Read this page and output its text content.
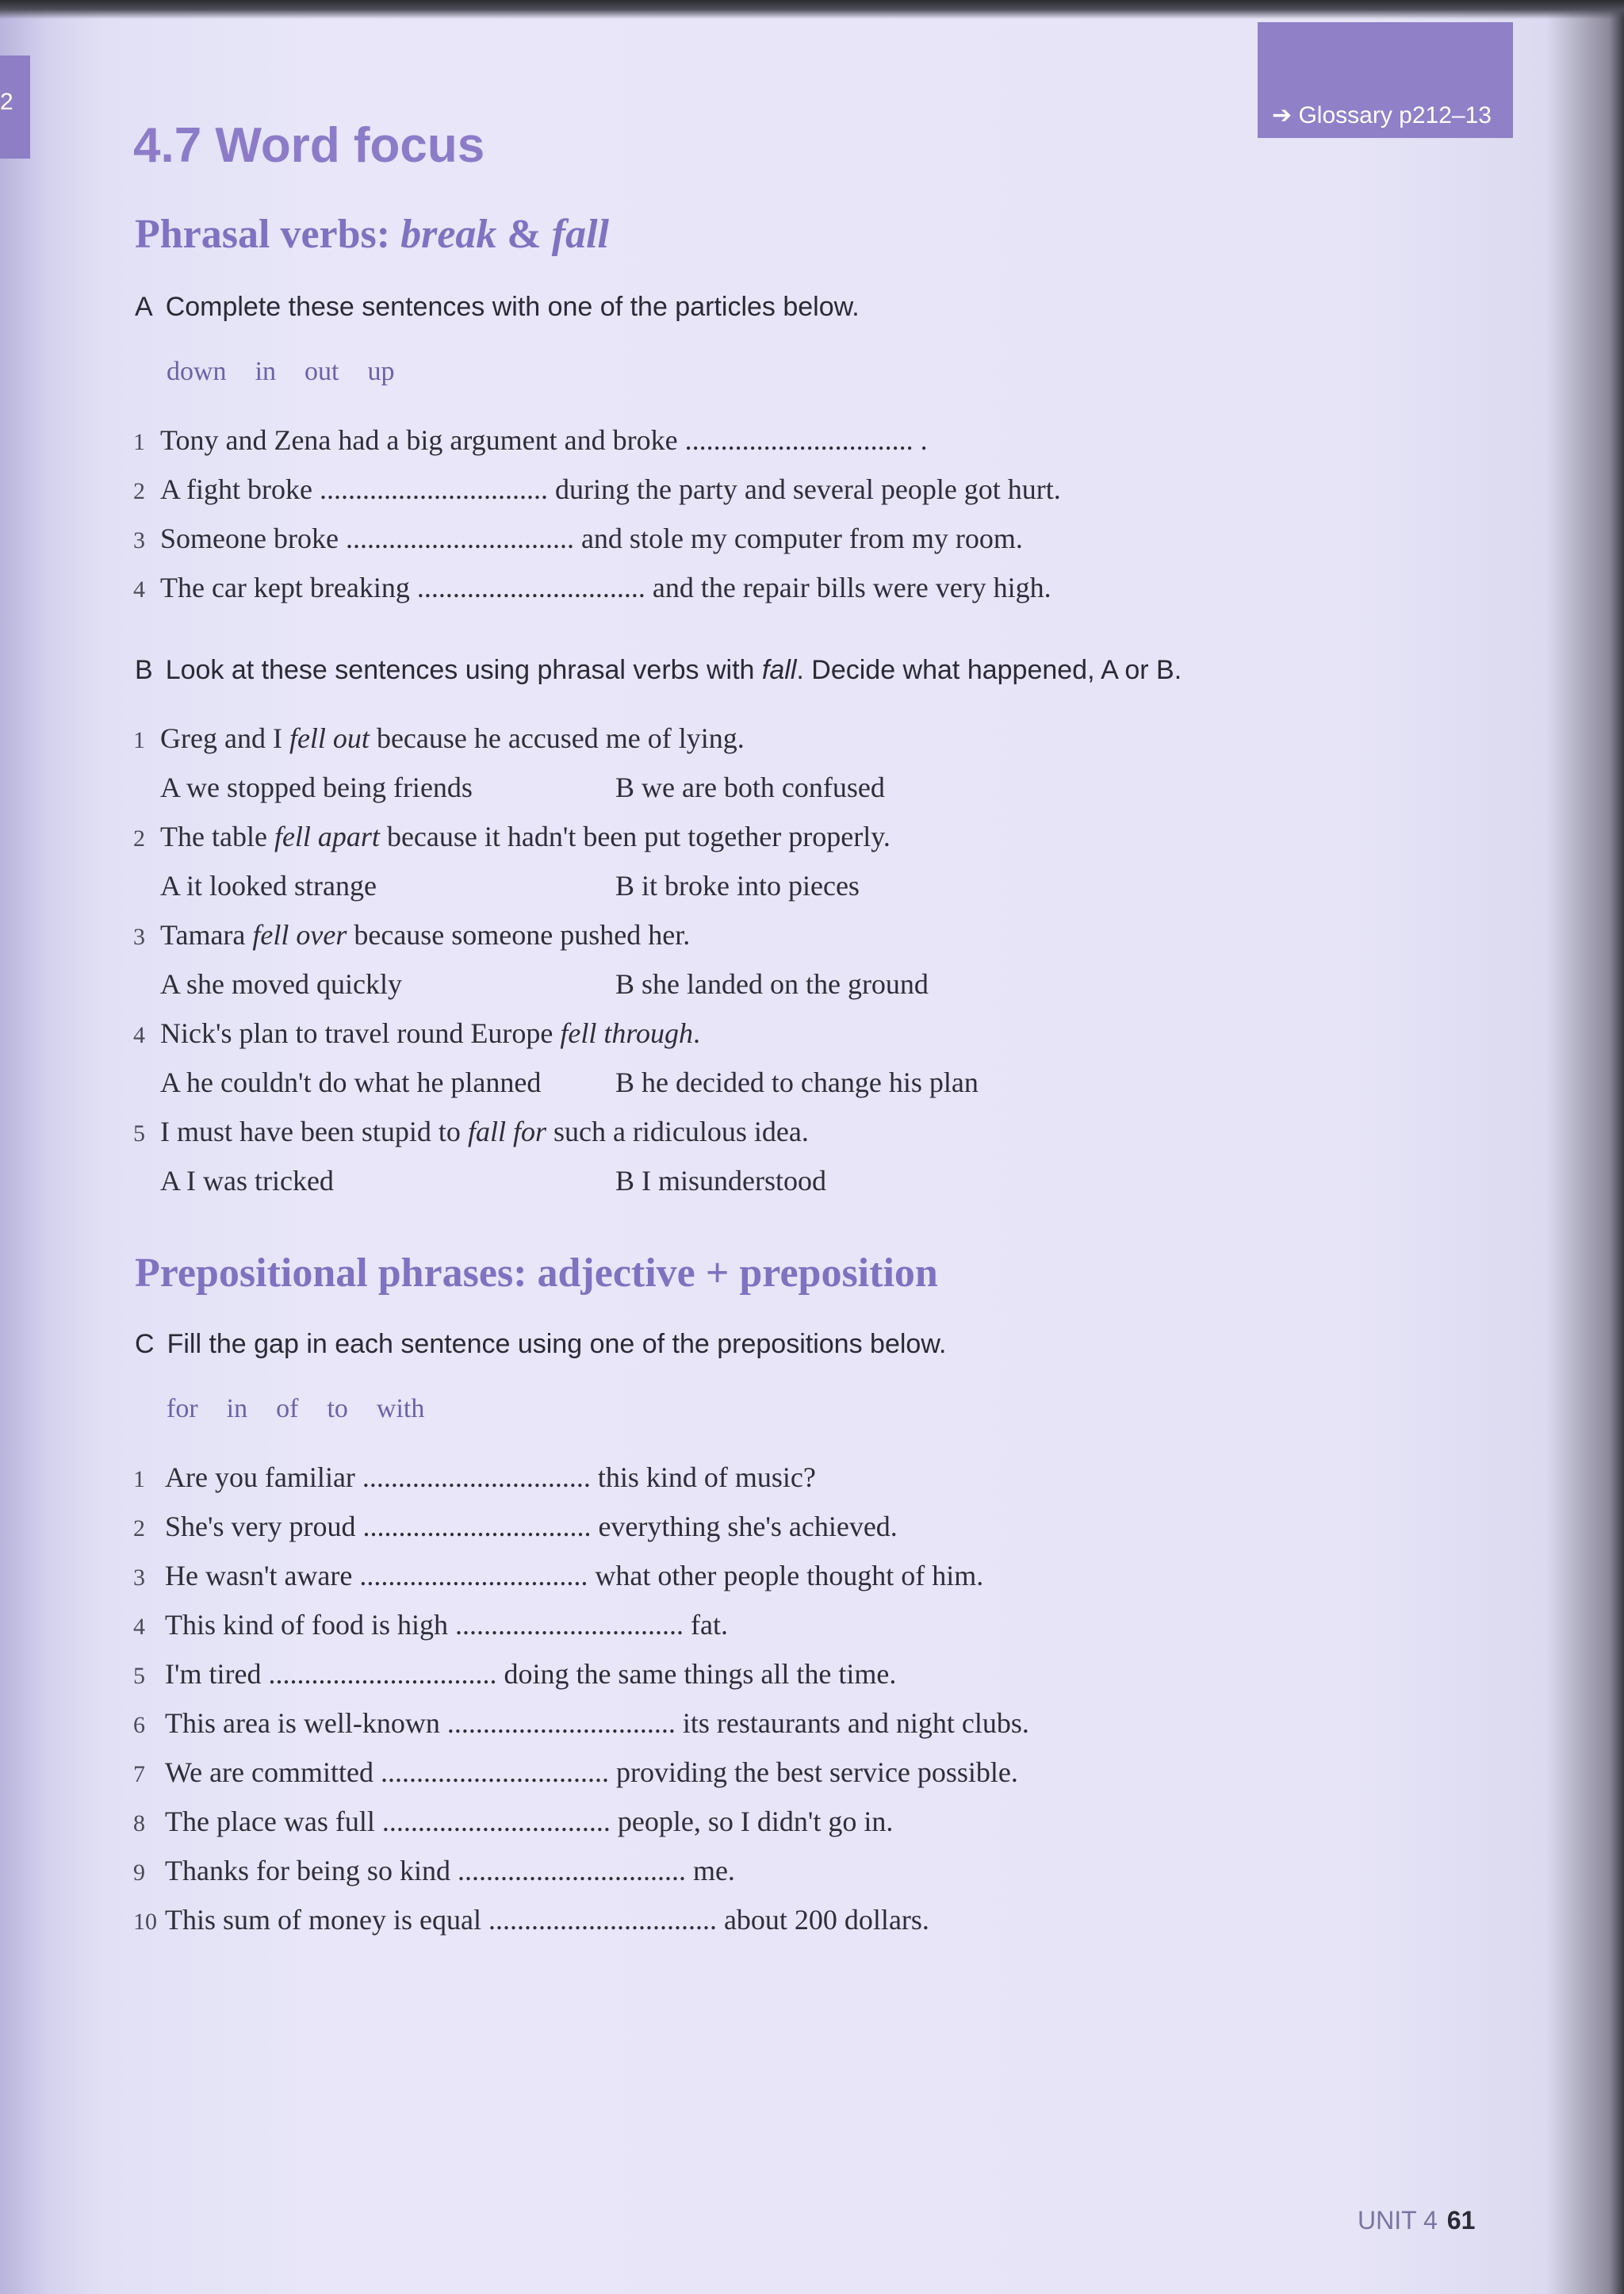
2
➔ Glossary p212–13
4.7 Word focus
Phrasal verbs: break & fall
A Complete these sentences with one of the particles below.
down in out up
1 Tony and Zena had a big argument and broke ................................ .
2 A fight broke ................................ during the party and several people got hurt.
3 Someone broke ................................ and stole my computer from my room.
4 The car kept breaking ................................ and the repair bills were very high.
B Look at these sentences using phrasal verbs with fall. Decide what happened, A or B.
1 Greg and I fell out because he accused me of lying.
A we stopped being friends	B we are both confused
2 The table fell apart because it hadn't been put together properly.
A it looked strange	B it broke into pieces
3 Tamara fell over because someone pushed her.
A she moved quickly	B she landed on the ground
4 Nick's plan to travel round Europe fell through.
A he couldn't do what he planned	B he decided to change his plan
5 I must have been stupid to fall for such a ridiculous idea.
A I was tricked	B I misunderstood
Prepositional phrases: adjective + preposition
C Fill the gap in each sentence using one of the prepositions below.
for in of to with
1 Are you familiar ................................ this kind of music?
2 She's very proud ................................ everything she's achieved.
3 He wasn't aware ................................ what other people thought of him.
4 This kind of food is high ................................ fat.
5 I'm tired ................................ doing the same things all the time.
6 This area is well-known ................................ its restaurants and night clubs.
7 We are committed ................................ providing the best service possible.
8 The place was full ................................ people, so I didn't go in.
9 Thanks for being so kind ................................ me.
10 This sum of money is equal ................................ about 200 dollars.
UNIT 4 61
